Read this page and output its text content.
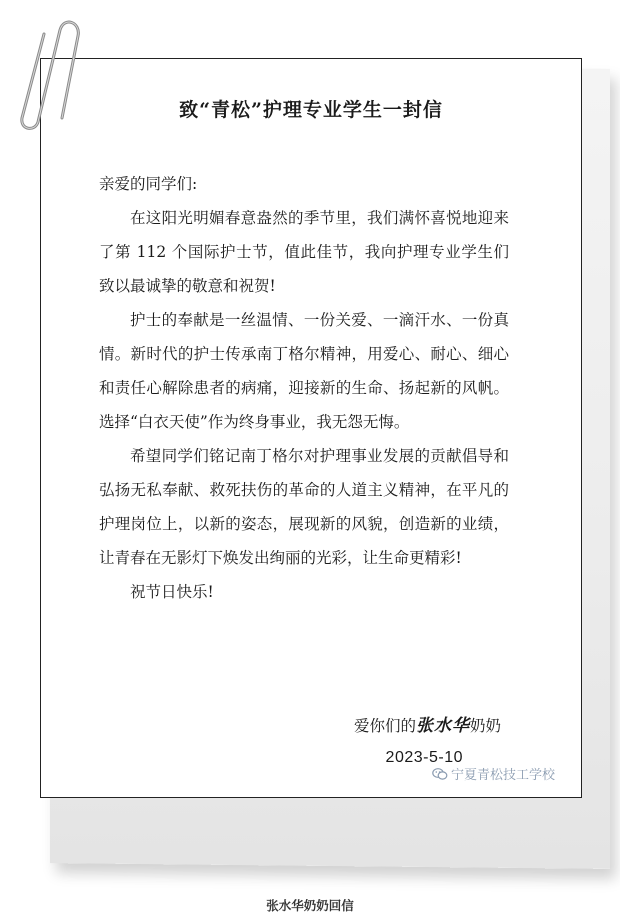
致“青松”护理专业学生一封信

亲爱的同学们:

在这阳光明媚春意盎然的季节里，我们满怀喜悦地迎来了第 112 个国际护士节，值此佳节，我向护理专业学生们致以最诚挚的敬意和祝贺!

护士的奉献是一丝温情、一份关爱、一滴汗水、一份真情。新时代的护士传承南丁格尔精神，用爱心、耐心、细心和责任心解除患者的病痛，迎接新的生命、扬起新的风帆。选择“白衣天使”作为终身事业，我无怨无悔。

希望同学们铭记南丁格尔对护理事业发展的贡献倡导和弘扬无私奉献、救死扶伤的革命的人道主义精神，在平凡的护理岗位上，以新的姿态，展现新的风貌，创造新的业绩，让青春在无影灯下焕发出绚丽的光彩，让生命更精彩!

祝节日快乐!

爱你们的张水华奶奶
2023-5-10
宁夏青松技工学校
张水华奶奶回信
